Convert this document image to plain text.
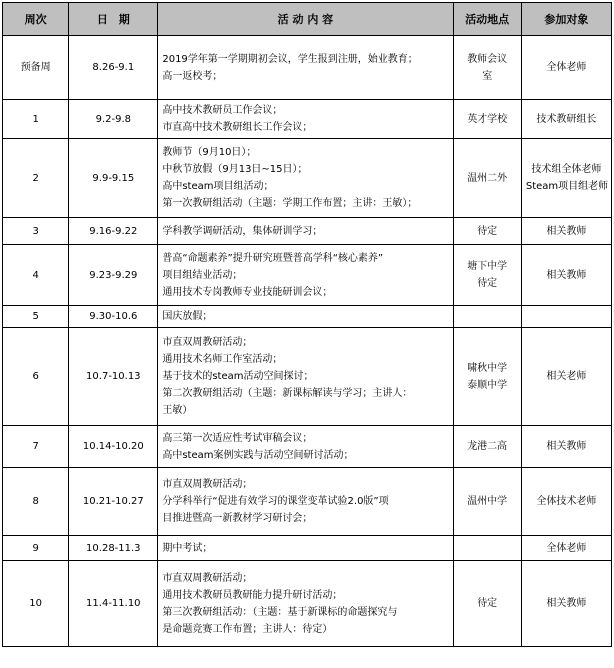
周次	日　期	活 动 内 容	活动地点	参加对象
预备周	8.26-9.1	2019学年第一学期期初会议，学生报到注册，始业教育；
高一返校考；	教师会议
室	全体老师

1	9.2-9.8	高中技术教研员工作会议；
市直高中技术教研组长工作会议；	英才学校	技术教研组长

2	9.9-9.15	教师节（9月10日）；
中秋节放假（9月13日~15日）；
高中steam项目组活动；
第一次教研组活动（主题：学期工作布置；主讲：王敏）；	温州二外	技术组全体老师
Steam项目组老师

3	9.16-9.22	学科教学调研活动，集体研训学习；	待定	相关教师

4	9.23-9.29	普高“命题素养”提升研究班暨普高学科“核心素养”
项目组结业活动；
通用技术专岗教师专业技能研训会议；	塘下中学
待定	相关教师

5	9.30-10.6	国庆放假；		

6	10.7-10.13	市直双周教研活动；
通用技术名师工作室活动；
基于技术的steam活动空间探讨；
第二次教研组活动（主题：新课标解读与学习；主讲人：
王敏）	啸秋中学
泰顺中学	相关老师

7	10.14-10.20	高三第一次适应性考试审稿会议；
高中steam案例实践与活动空间研讨活动；	龙港二高	相关教师

8	10.21-10.27	市直双周教研活动；
分学科举行“促进有效学习的课堂变革试验2.0版”项
目推进暨高一新教材学习研讨会；	温州中学	全体技术老师

9	10.28-11.3	期中考试；		全体老师

10	11.4-11.10	市直双周教研活动；
通用技术教研员教研能力提升研讨活动；
第三次教研组活动：（主题：基于新课标的命题探究与
是命题竞赛工作布置；主讲人：待定）	待定	相关教师
